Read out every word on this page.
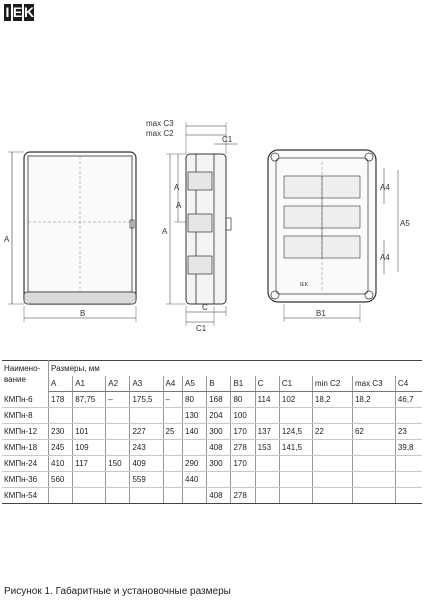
I E K
A
B
max C3
max C2
C1
A
A
A
C
C1
A4
A4
A5
B1
IEK
Наимено-
вание	Размеры, мм												
	A	A1	A2	A3	A4	A5	B	B1	C	C1	min C2	max C3	C4
КМПн-6	178	87,75	–	175,5	–	80	168	80	114	102	18,2	18,2	46,7
КМПн-8						130	204	100					
КМПн-12	230	101		227	25	140	300	170	137	124,5	22	62	23
КМПн-18	245	109		243			408	278	153	141,5			39,8
КМПн-24	410	117	150	409		290	300	170					
КМПн-36	560			559		440							
КМПн-54							408	278					
Рисунок 1. Габаритные и установочные размеры
